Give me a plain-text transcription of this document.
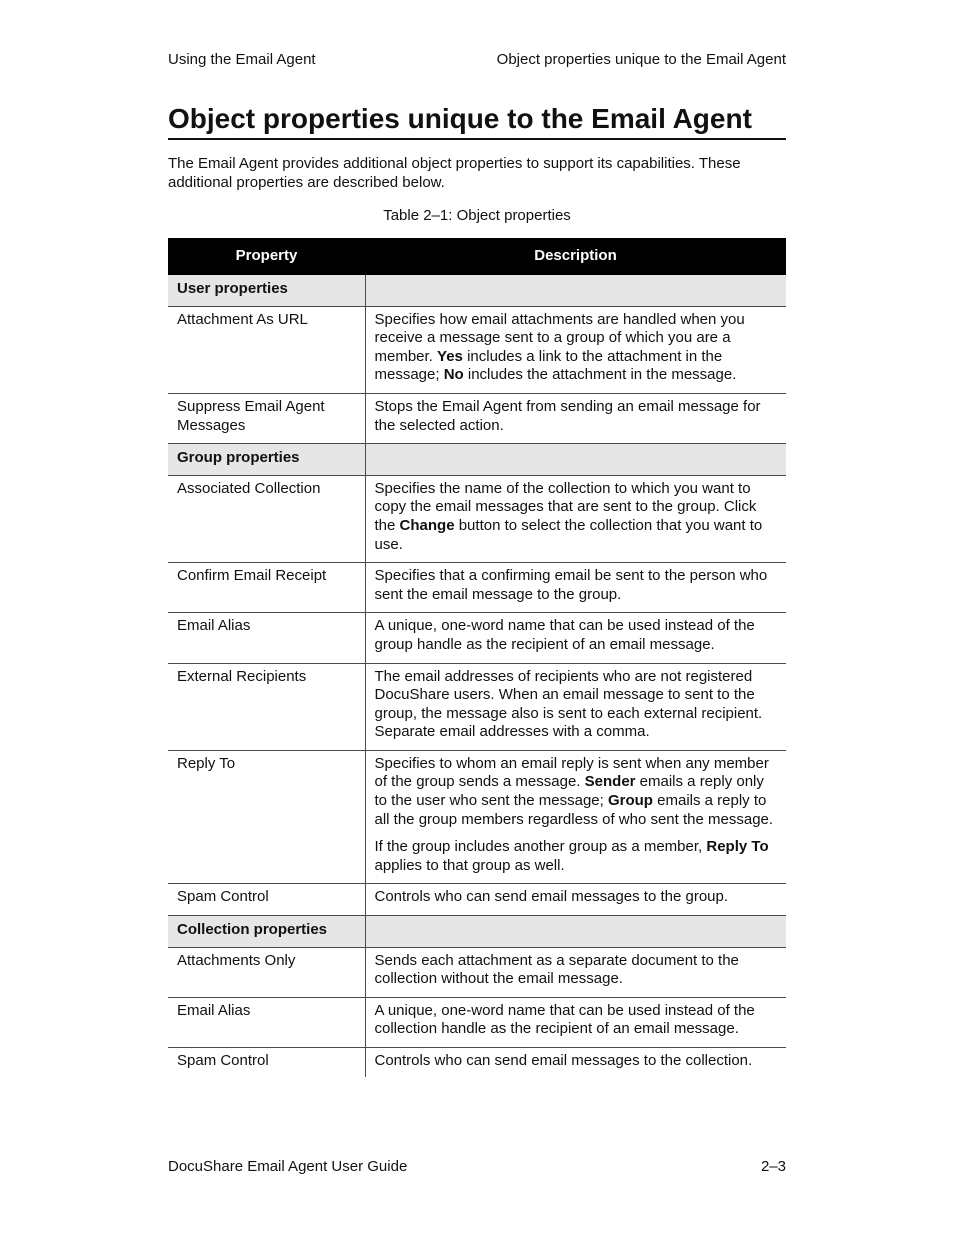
Using the Email Agent	Object properties unique to the Email Agent
Object properties unique to the Email Agent

The Email Agent provides additional object properties to support its capabilities. These additional properties are described below.

Table 2–1: Object properties

Property	Description
User properties	
Attachment As URL	Specifies how email attachments are handled when you receive a message sent to a group of which you are a member. Yes includes a link to the attachment in the message; No includes the attachment in the message.

Suppress Email Agent Messages	Stops the Email Agent from sending an email message for the selected action.

Group properties	
Associated Collection	Specifies the name of the collection to which you want to copy the email messages that are sent to the group. Click the Change button to select the collection that you want to use.

Confirm Email Receipt	Specifies that a confirming email be sent to the person who sent the email message to the group.

Email Alias	A unique, one-word name that can be used instead of the group handle as the recipient of an email message.

External Recipients	The email addresses of recipients who are not registered DocuShare users. When an email message to sent to the group, the message also is sent to each external recipient. Separate email addresses with a comma.

Reply To	Specifies to whom an email reply is sent when any member of the group sends a message. Sender emails a reply only to the user who sent the message; Group emails a reply to all the group members regardless of who sent the message.

If the group includes another group as a member, Reply To applies to that group as well.

Spam Control	Controls who can send email messages to the group.

Collection properties	
Attachments Only	Sends each attachment as a separate document to the collection without the email message.

Email Alias	A unique, one-word name that can be used instead of the collection handle as the recipient of an email message.

Spam Control	Controls who can send email messages to the collection.

DocuShare Email Agent User Guide	2–3
